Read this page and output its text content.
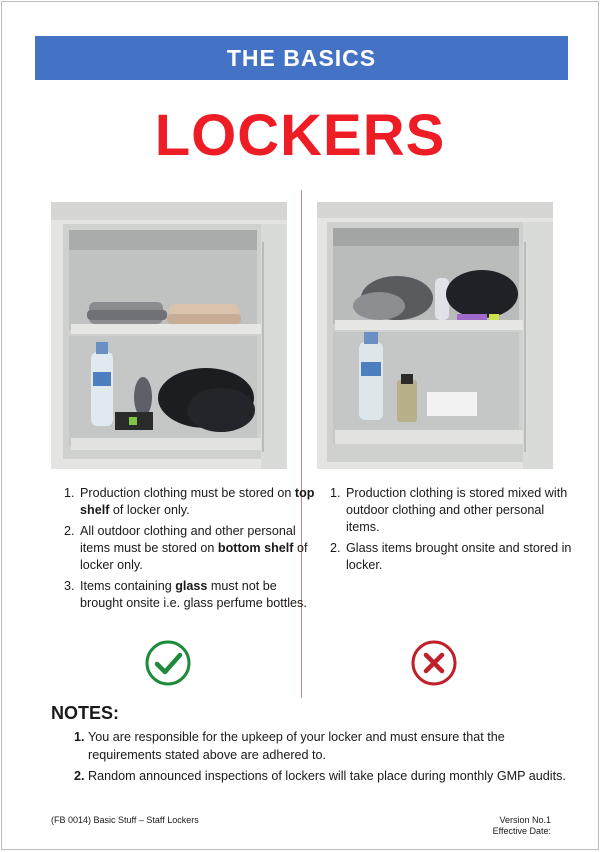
THE BASICS
LOCKERS
1. Production clothing must be stored on top shelf of locker only.
2. All outdoor clothing and other personal items must be stored on bottom shelf of locker only.
3. Items containing glass must not be brought onsite i.e. glass perfume bottles.
1. Production clothing is stored mixed with outdoor clothing and other personal items.
2. Glass items brought onsite and stored in locker.
NOTES:
1. You are responsible for the upkeep of your locker and must ensure that the requirements stated above are adhered to.
2. Random announced inspections of lockers will take place during monthly GMP audits.
(FB 0014) Basic Stuff – Staff Lockers	Version No.1
Effective Date:
